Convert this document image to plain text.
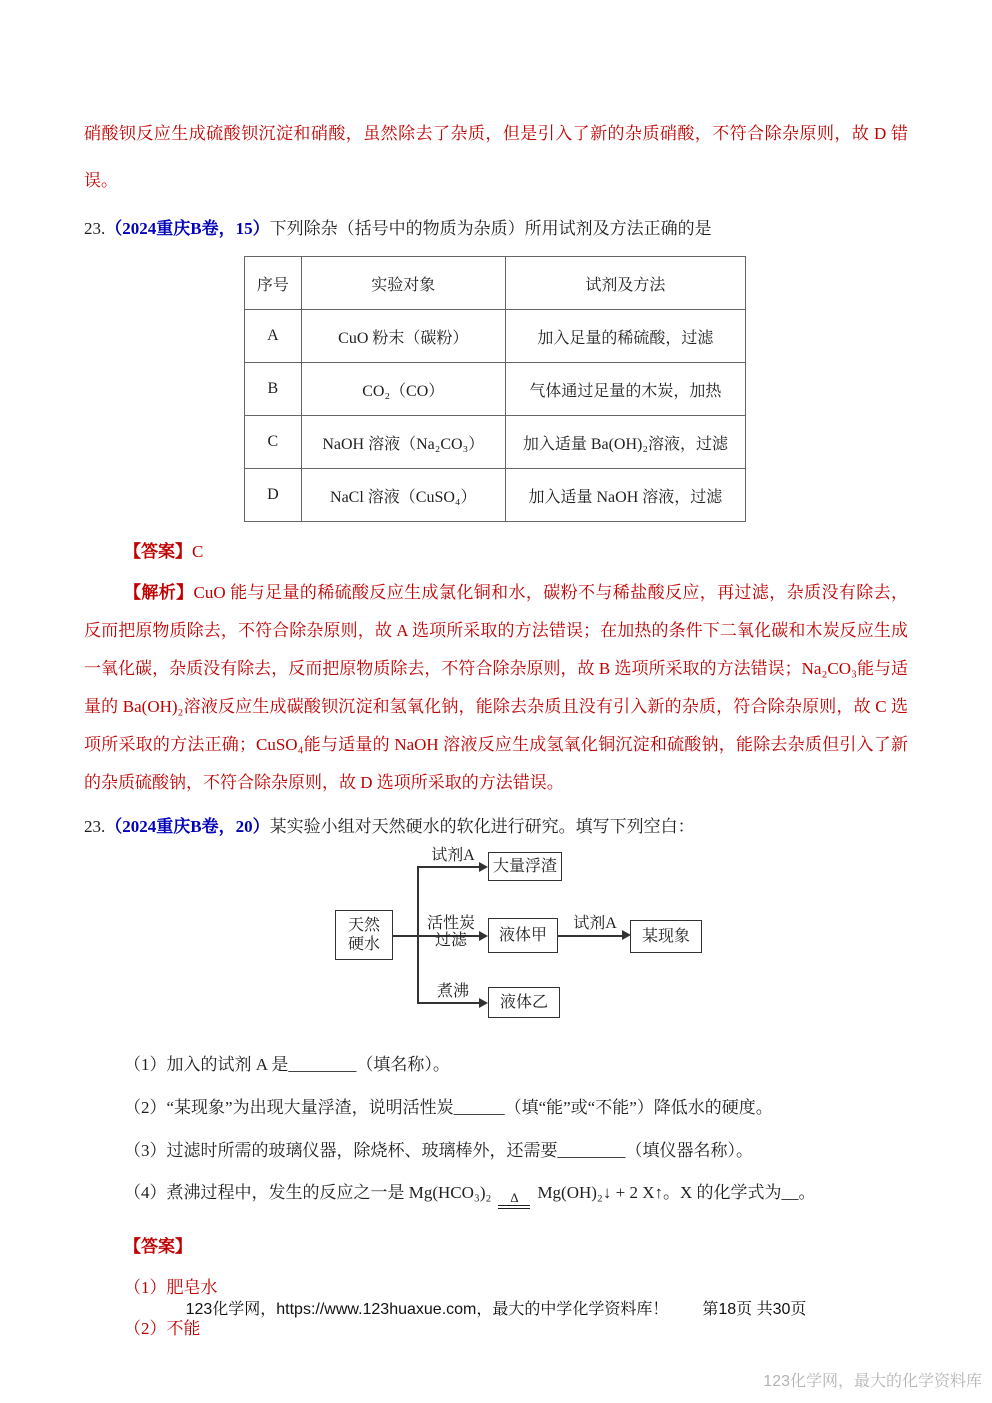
硝酸钡反应生成硫酸钡沉淀和硝酸，虽然除去了杂质，但是引入了新的杂质硝酸，不符合除杂原则，故 D 错误。

23.（2024重庆B卷，15）下列除杂（括号中的物质为杂质）所用试剂及方法正确的是

序号	实验对象	试剂及方法
A	CuO 粉末（碳粉）	加入足量的稀硫酸，过滤
B	CO₂（CO）	气体通过足量的木炭，加热
C	NaOH 溶液（Na₂CO₃）	加入适量 Ba(OH)₂溶液，过滤
D	NaCl 溶液（CuSO₄）	加入适量 NaOH 溶液，过滤

【答案】C

【解析】CuO 能与足量的稀硫酸反应生成氯化铜和水，碳粉不与稀盐酸反应，再过滤，杂质没有除去，反而把原物质除去，不符合除杂原则，故 A 选项所采取的方法错误；在加热的条件下二氧化碳和木炭反应生成一氧化碳，杂质没有除去，反而把原物质除去，不符合除杂原则，故 B 选项所采取的方法错误；Na₂CO₃能与适量的 Ba(OH)₂溶液反应生成碳酸钡沉淀和氢氧化钠，能除去杂质且没有引入新的杂质，符合除杂原则，故 C 选项所采取的方法正确；CuSO₄能与适量的 NaOH 溶液反应生成氢氧化铜沉淀和硫酸钠，能除去杂质但引入了新的杂质硫酸钠，不符合除杂原则，故 D 选项所采取的方法错误。

23.（2024重庆B卷，20）某实验小组对天然硬水的软化进行研究。填写下列空白：

天然
硬水
试剂A
大量浮渣
活性炭
过滤	液体甲
试剂A
某现象
煮沸
液体乙

（1）加入的试剂 A 是________（填名称）。

（2）“某现象”为出现大量浮渣，说明活性炭______（填“能”或“不能”）降低水的硬度。

（3）过滤时所需的玻璃仪器，除烧杯、玻璃棒外，还需要________（填仪器名称）。

（4）煮沸过程中，发生的反应之一是 Mg(HCO₃)₂ Δ Mg(OH)₂↓ + 2 X↑。X 的化学式为__。

【答案】

（1）肥皂水

（2）不能

123化学网，https://www.123huaxue.com，最大的中学化学资料库！ 第18页 共30页
123化学网，最大的化学资料库
